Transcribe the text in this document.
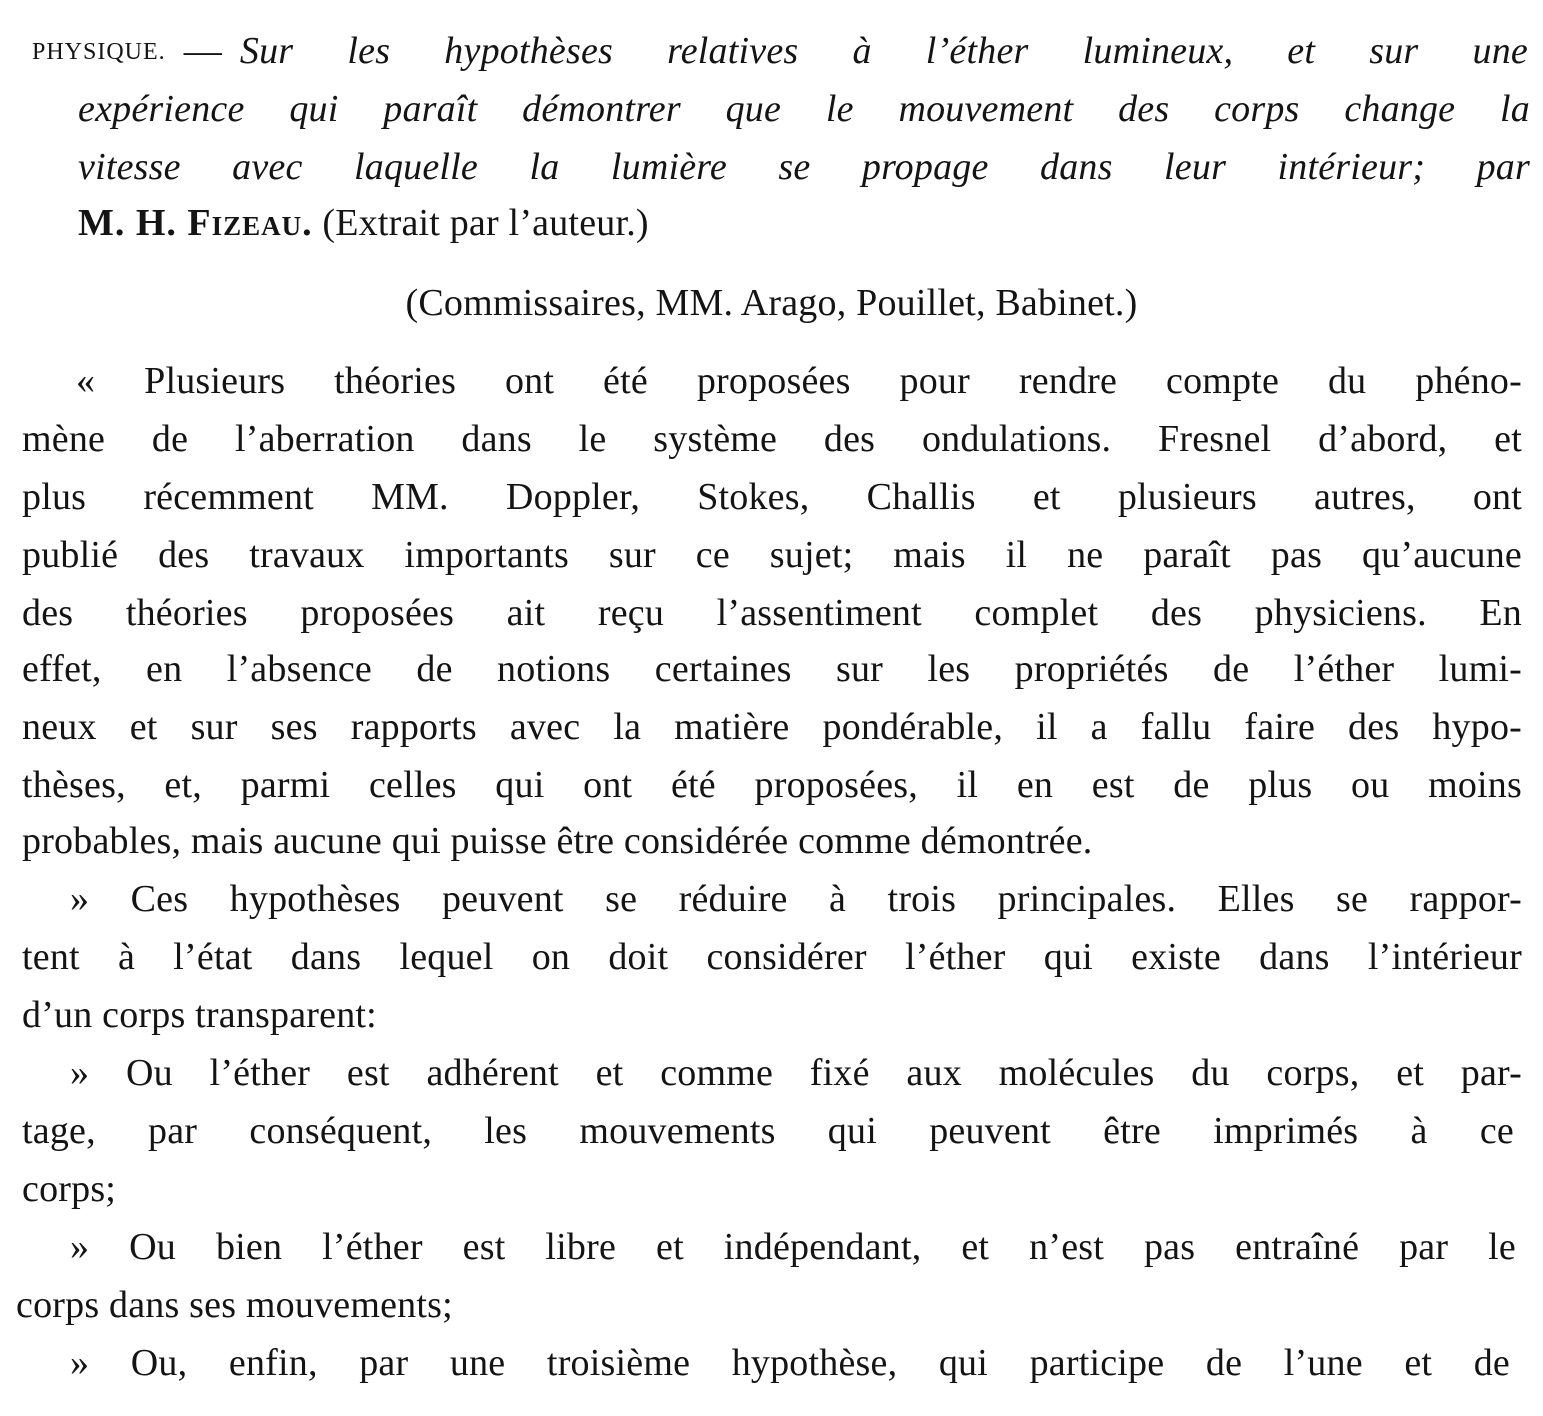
PHYSIQUE. — Sur les hypothèses relatives à l’éther lumineux, et sur une
expérience qui paraît démontrer que le mouvement des corps change la
vitesse avec laquelle la lumière se propage dans leur intérieur; par
M. H. Fizeau. (Extrait par l’auteur.)
(Commissaires, MM. Arago, Pouillet, Babinet.)
« Plusieurs théories ont été proposées pour rendre compte du phéno-
mène de l’aberration dans le système des ondulations. Fresnel d’abord, et
plus récemment MM. Doppler, Stokes, Challis et plusieurs autres, ont
publié des travaux importants sur ce sujet; mais il ne paraît pas qu’aucune
des théories proposées ait reçu l’assentiment complet des physiciens. En
effet, en l’absence de notions certaines sur les propriétés de l’éther lumi-
neux et sur ses rapports avec la matière pondérable, il a fallu faire des hypo-
thèses, et, parmi celles qui ont été proposées, il en est de plus ou moins
probables, mais aucune qui puisse être considérée comme démontrée.
» Ces hypothèses peuvent se réduire à trois principales. Elles se rappor-
tent à l’état dans lequel on doit considérer l’éther qui existe dans l’intérieur
d’un corps transparent:
» Ou l’éther est adhérent et comme fixé aux molécules du corps, et par-
tage, par conséquent, les mouvements qui peuvent être imprimés à ce
corps;
» Ou bien l’éther est libre et indépendant, et n’est pas entraîné par le
corps dans ses mouvements;
» Ou, enfin, par une troisième hypothèse, qui participe de l’une et de
